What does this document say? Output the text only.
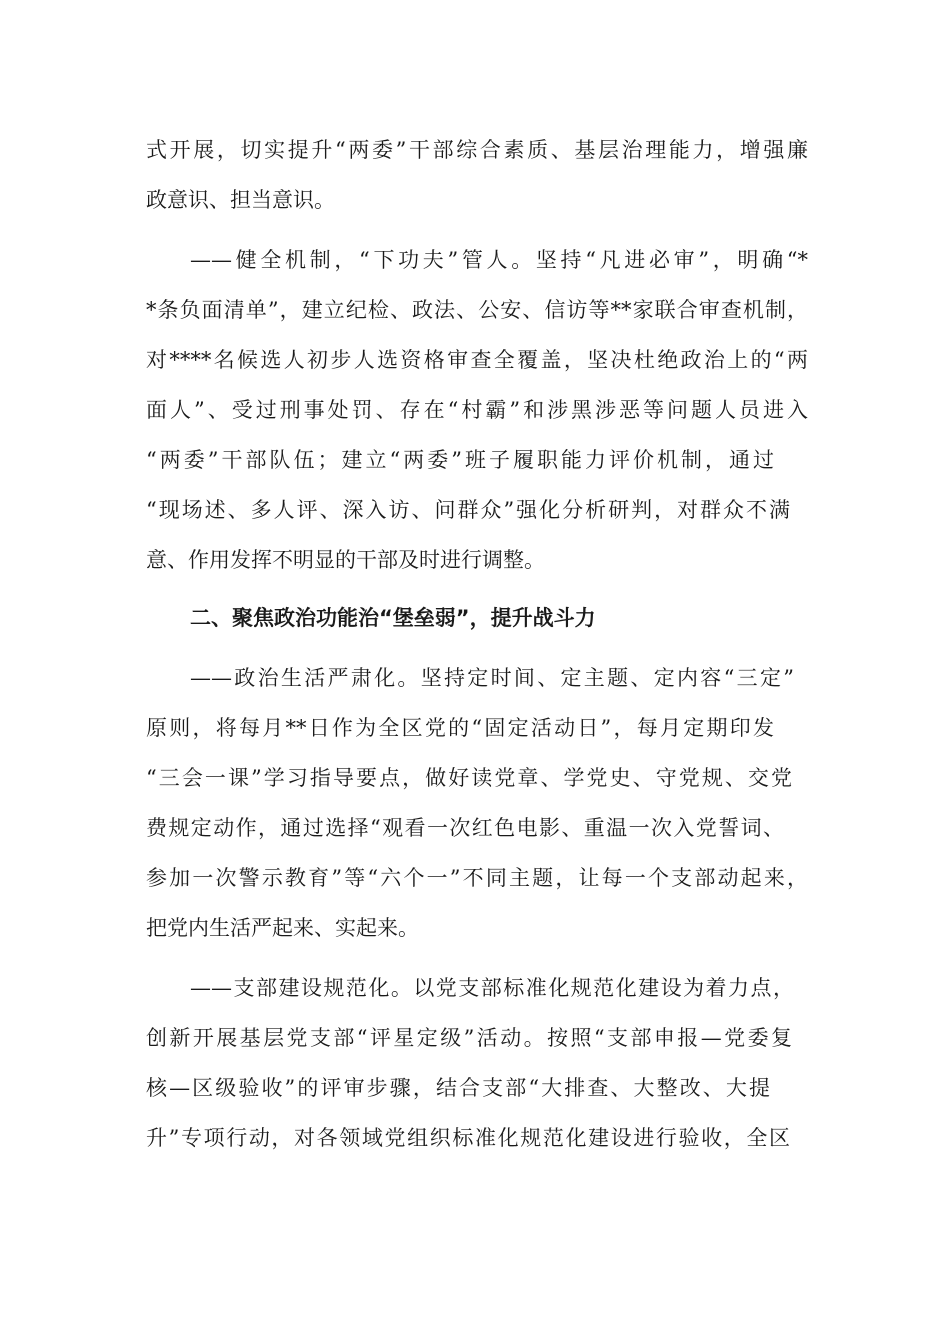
式开展，切实提升“两委”干部综合素质、基层治理能力，增强廉

政意识、担当意识。

——健全机制，“下功夫”管人。坚持“凡进必审”，明确“*

*条负面清单”，建立纪检、政法、公安、信访等**家联合审查机制，

对****名候选人初步人选资格审查全覆盖，坚决杜绝政治上的“两

面人”、受过刑事处罚、存在“村霸”和涉黑涉恶等问题人员进入

“两委”干部队伍；建立“两委”班子履职能力评价机制，通过

“现场述、多人评、深入访、问群众”强化分析研判，对群众不满

意、作用发挥不明显的干部及时进行调整。

二、聚焦政治功能治“堡垒弱”，提升战斗力

——政治生活严肃化。坚持定时间、定主题、定内容“三定”

原则，将每月**日作为全区党的“固定活动日”，每月定期印发

“三会一课”学习指导要点，做好读党章、学党史、守党规、交党

费规定动作，通过选择“观看一次红色电影、重温一次入党誓词、

参加一次警示教育”等“六个一”不同主题，让每一个支部动起来，

把党内生活严起来、实起来。

——支部建设规范化。以党支部标准化规范化建设为着力点，

创新开展基层党支部“评星定级”活动。按照“支部申报—党委复

核—区级验收”的评审步骤，结合支部“大排查、大整改、大提

升”专项行动，对各领域党组织标准化规范化建设进行验收，全区
